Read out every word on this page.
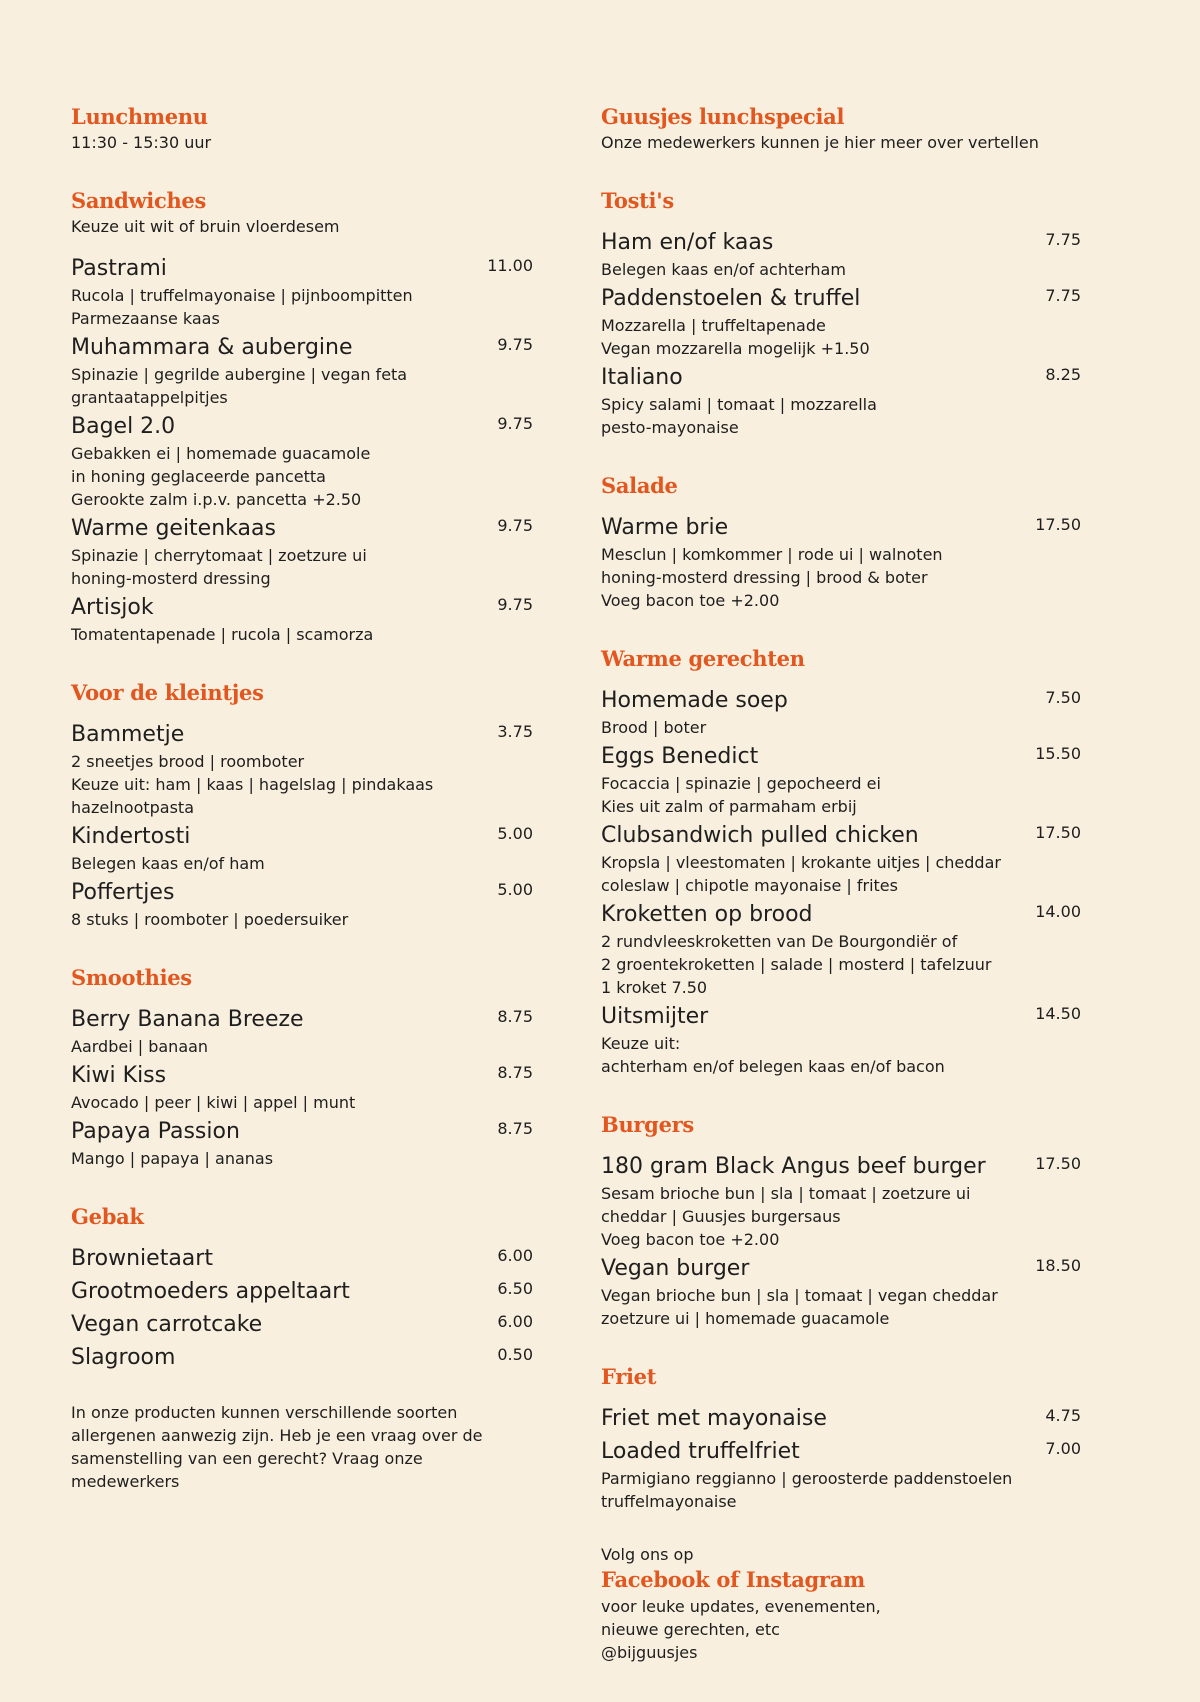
Lunchmenu
11:30 - 15:30 uur
Sandwiches
Keuze uit wit of bruin vloerdesem
Pastrami	11.00
Rucola | truffelmayonaise | pijnboompitten
Parmezaanse kaas
Muhammara & aubergine	9.75
Spinazie | gegrilde aubergine | vegan feta
grantaatappelpitjes
Bagel 2.0	9.75
Gebakken ei | homemade guacamole
in honing geglaceerde pancetta
Gerookte zalm i.p.v. pancetta +2.50
Warme geitenkaas	9.75
Spinazie | cherrytomaat | zoetzure ui
honing-mosterd dressing
Artisjok	9.75
Tomatentapenade | rucola | scamorza
Voor de kleintjes
Bammetje	3.75
2 sneetjes brood | roomboter
Keuze uit: ham | kaas | hagelslag | pindakaas
hazelnootpasta
Kindertosti	5.00
Belegen kaas en/of ham
Poffertjes	5.00
8 stuks | roomboter | poedersuiker
Smoothies
Berry Banana Breeze	8.75
Aardbei | banaan
Kiwi Kiss	8.75
Avocado | peer | kiwi | appel | munt
Papaya Passion	8.75
Mango | papaya | ananas
Gebak
Brownietaart	6.00
Grootmoeders appeltaart	6.50
Vegan carrotcake	6.00
Slagroom	0.50
In onze producten kunnen verschillende soorten
allergenen aanwezig zijn. Heb je een vraag over de
samenstelling van een gerecht? Vraag onze
medewerkers
Guusjes lunchspecial
Onze medewerkers kunnen je hier meer over vertellen
Tosti's
Ham en/of kaas	7.75
Belegen kaas en/of achterham
Paddenstoelen & truffel	7.75
Mozzarella | truffeltapenade
Vegan mozzarella mogelijk +1.50
Italiano	8.25
Spicy salami | tomaat | mozzarella
pesto-mayonaise
Salade
Warme brie	17.50
Mesclun | komkommer | rode ui | walnoten
honing-mosterd dressing | brood & boter
Voeg bacon toe +2.00
Warme gerechten
Homemade soep	7.50
Brood | boter
Eggs Benedict	15.50
Focaccia | spinazie | gepocheerd ei
Kies uit zalm of parmaham erbij
Clubsandwich pulled chicken	17.50
Kropsla | vleestomaten | krokante uitjes | cheddar
coleslaw | chipotle mayonaise | frites
Kroketten op brood	14.00
2 rundvleeskroketten van De Bourgondiër of
2 groentekroketten | salade | mosterd | tafelzuur
1 kroket 7.50
Uitsmijter	14.50
Keuze uit:
achterham en/of belegen kaas en/of bacon
Burgers
180 gram Black Angus beef burger	17.50
Sesam brioche bun | sla | tomaat | zoetzure ui
cheddar | Guusjes burgersaus
Voeg bacon toe +2.00
Vegan burger	18.50
Vegan brioche bun | sla | tomaat | vegan cheddar
zoetzure ui | homemade guacamole
Friet
Friet met mayonaise	4.75
Loaded truffelfriet	7.00
Parmigiano reggianno | geroosterde paddenstoelen
truffelmayonaise
Volg ons op
Facebook of Instagram
voor leuke updates, evenementen,
nieuwe gerechten, etc
@bijguusjes
